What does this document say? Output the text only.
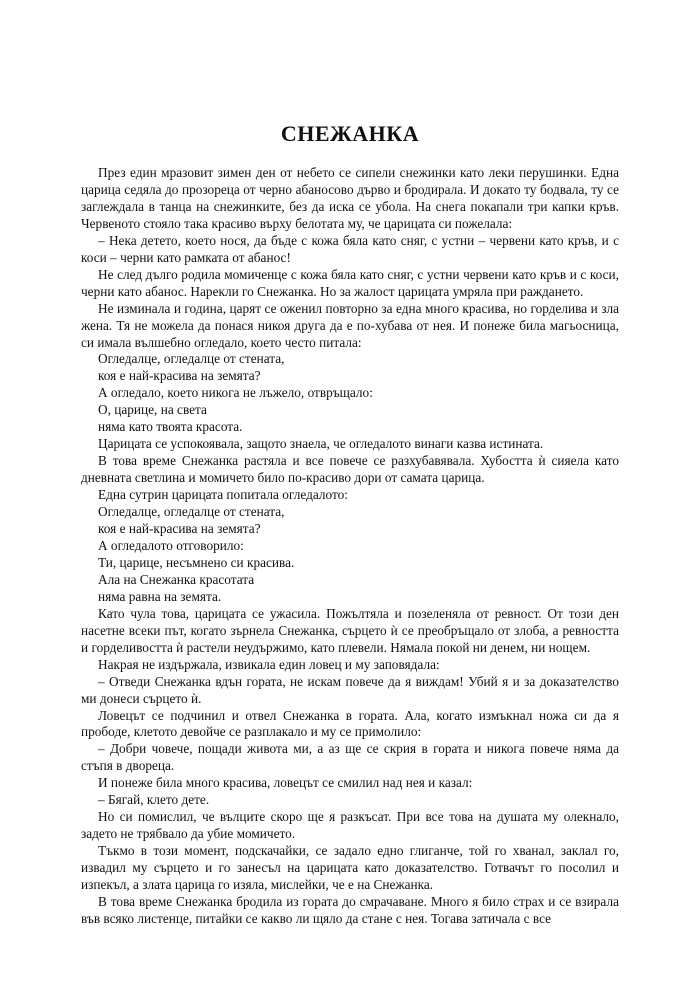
СНЕЖАНКА

През един мразовит зимен ден от небето се сипели снежинки като леки перушинки. Една царица седяла до прозореца от черно абаносово дърво и бродирала. И докато ту бодвала, ту се заглеждала в танца на снежинките, без да иска се убола. На снега покапали три капки кръв. Червеното стояло така красиво върху белотата му, че царицата си пожелала:

– Нека детето, което нося, да бъде с кожа бяла като сняг, с устни – червени като кръв, и с коси – черни като рамката от абанос!

Не след дълго родила момиченце с кожа бяла като сняг, с устни червени като кръв и с коси, черни като абанос. Нарекли го Снежанка. Но за жалост царицата умряла при раждането.

Не изминала и година, царят се оженил повторно за една много красива, но горделива и зла жена. Тя не можела да понася никоя друга да е по-хубава от нея. И понеже била магьосница, си имала вълшебно огледало, което често питала:

Огледалце, огледалце от стената,

коя е най-красива на земята?

А огледало, което никога не лъжело, отвръщало:

О, царице, на света

няма като твоята красота.

Царицата се успокоявала, защото знаела, че огледалото винаги казва истината.

В това време Снежанка растяла и все повече се разхубавявала. Хубостта ѝ сияела като дневната светлина и момичето било по-красиво дори от самата царица.

Една сутрин царицата попитала огледалото:

Огледалце, огледалце от стената,

коя е най-красива на земята?

А огледалото отговорило:

Ти, царице, несъмнено си красива.

Ала на Снежанка красотата

няма равна на земята.

Като чула това, царицата се ужасила. Пожълтяла и позеленяла от ревност. От този ден насетне всеки път, когато зърнела Снежанка, сърцето ѝ се преобръщало от злоба, а ревността и горделивостта ѝ растели неудържимо, като плевели. Нямала покой ни денем, ни нощем.

Накрая не издържала, извикала един ловец и му заповядала:

– Отведи Снежанка вдън гората, не искам повече да я виждам! Убий я и за доказателство ми донеси сърцето ѝ.

Ловецът се подчинил и отвел Снежанка в гората. Ала, когато измъкнал ножа си да я прободе, клетото девойче се разплакало и му се примолило:

– Добри човече, пощади живота ми, а аз ще се скрия в гората и никога повече няма да стъпя в двореца.

И понеже била много красива, ловецът се смилил над нея и казал:

– Бягай, клето дете.

Но си помислил, че вълците скоро ще я разкъсат. При все това на душата му олекнало, задето не трябвало да убие момичето.

Тъкмо в този момент, подскачайки, се задало едно глиганче, той го хванал, заклал го, извадил му сърцето и го занесъл на царицата като доказателство. Готвачът го посолил и изпекъл, а злата царица го изяла, мислейки, че е на Снежанка.

В това време Снежанка бродила из гората до смрачаване. Много я било страх и се взирала във всяко листенце, питайки се какво ли щяло да стане с нея. Тогава затичала с все
